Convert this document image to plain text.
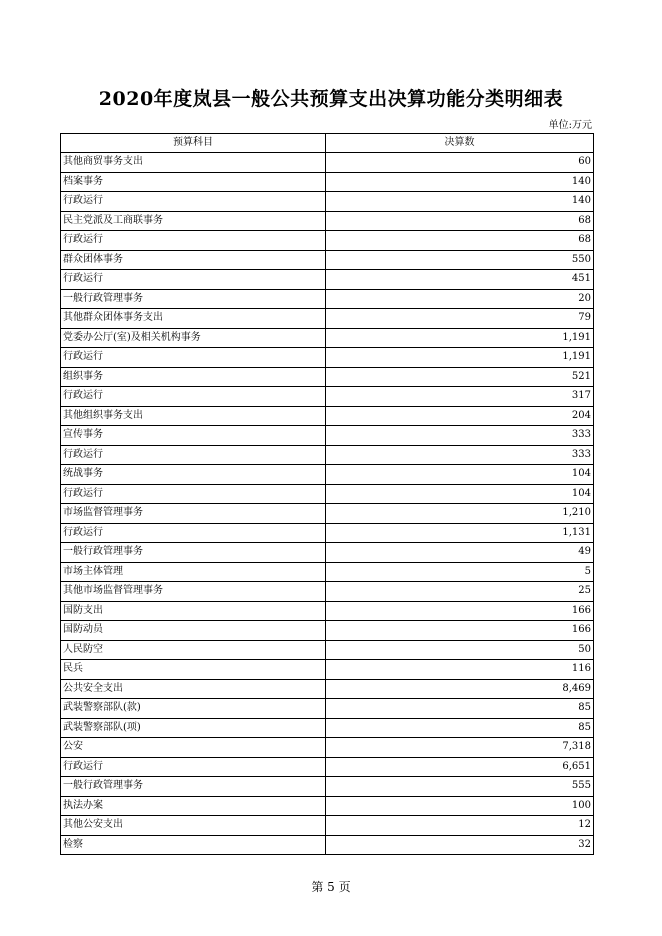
2020年度岚县一般公共预算支出决算功能分类明细表
单位:万元
预算科目	决算数
其他商贸事务支出	60
档案事务	140
行政运行	140
民主党派及工商联事务	68
行政运行	68
群众团体事务	550
行政运行	451
一般行政管理事务	20
其他群众团体事务支出	79
党委办公厅(室)及相关机构事务	1,191
行政运行	1,191
组织事务	521
行政运行	317
其他组织事务支出	204
宣传事务	333
行政运行	333
统战事务	104
行政运行	104
市场监督管理事务	1,210
行政运行	1,131
一般行政管理事务	49
市场主体管理	5
其他市场监督管理事务	25
国防支出	166
国防动员	166
人民防空	50
民兵	116
公共安全支出	8,469
武装警察部队(款)	85
武装警察部队(项)	85
公安	7,318
行政运行	6,651
一般行政管理事务	555
执法办案	100
其他公安支出	12
检察	32
第 5 页
